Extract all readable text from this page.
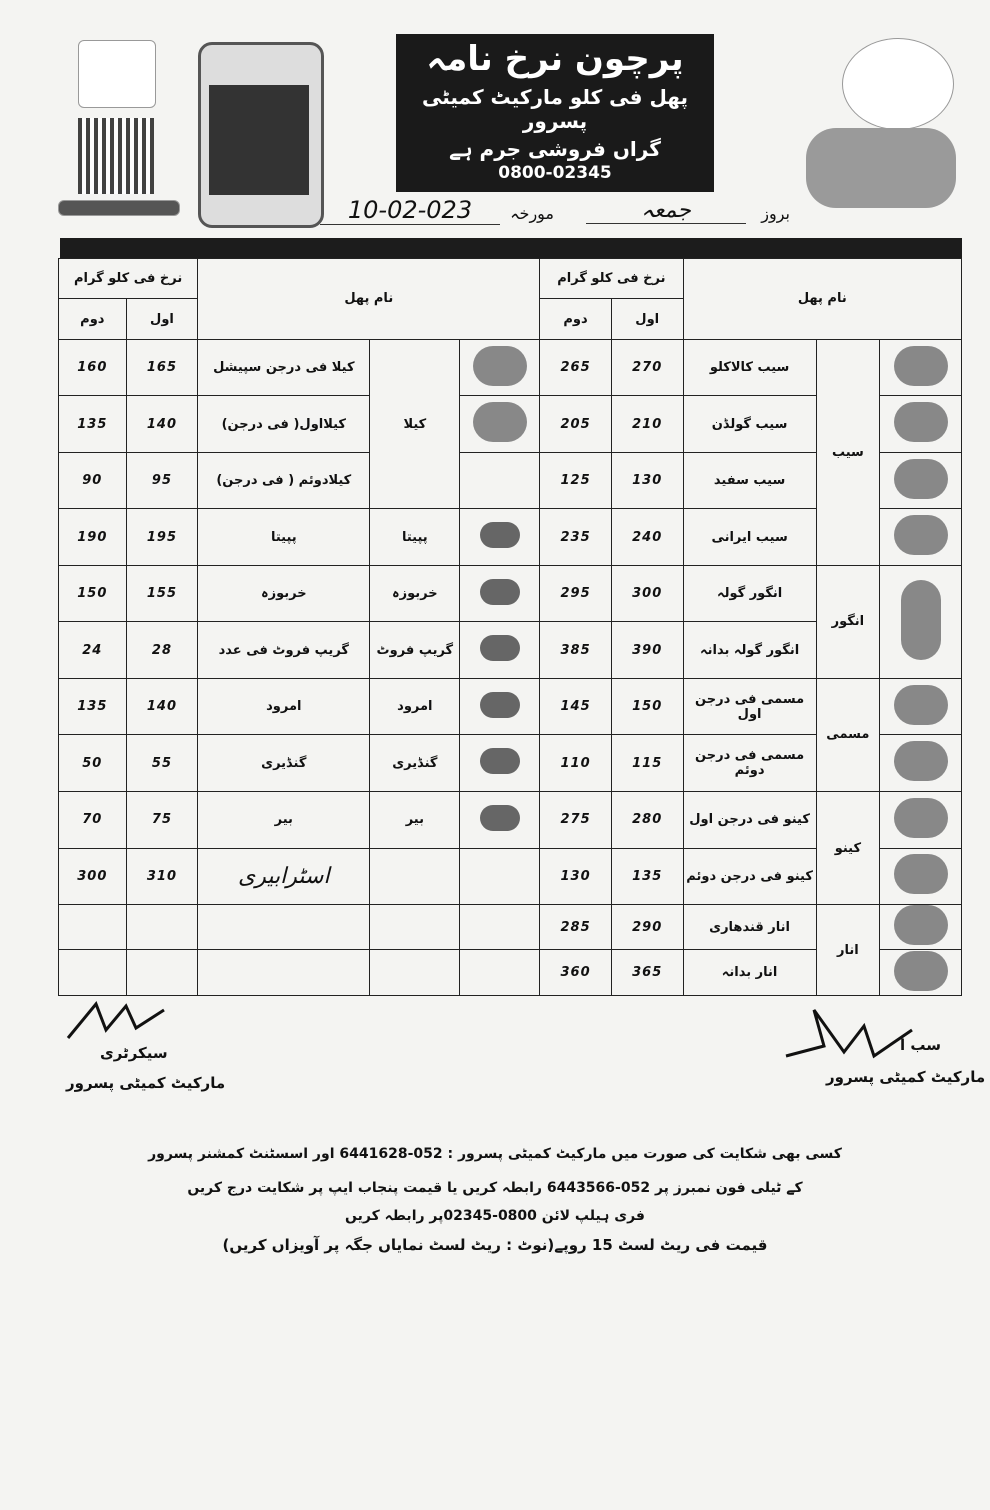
پرچون نرخ نامہ
پھل فی کلو مارکیٹ کمیٹی پسرور
گراں فروشی جرم ہے
0800-02345
بروز
جمعہ
مورخہ
10-02-023
نام پھل			نرخ فی کلو گرام		نام پھل			نرخ فی کلو گرام	
			اول	دوم				اول	دوم
	سیب	سیب کالاکلو	270	265		کیلا	کیلا فی درجن سپیشل	165	160
		سیب گولڈن	210	205			کیلااول( فی درجن)	140	135
		سیب سفید	130	125			کیلادوئم ( فی درجن)	95	90
		سیب ایرانی	240	235		پپیتا	پپیتا	195	190
	انگور	انگور گولہ	300	295		خربوزہ	خربوزہ	155	150
		انگور گولہ بدانہ	390	385		گریپ فروٹ	گریپ فروٹ فی عدد	28	24
	مسمی	مسمی فی درجن اول	150	145		امرود	امرود	140	135
		مسمی فی درجن دوئم	115	110		گنڈیری	گنڈیری	55	50
	کینو	کینو فی درجن اول	280	275		بیر	بیر	75	70
		کینو فی درجن دوئم	135	130			اسٹرابیری	310	300
	انار	انار قندھاری	290	285					
		انار بدانہ	365	360					
سیکرٹری
مارکیٹ کمیٹی پسرور
سب ا
مارکیٹ کمیٹی پسرور
کسی بھی شکایت کی صورت میں مارکیٹ کمیٹی پسرور : 052-6441628 اور اسسٹنٹ کمشنر پسرور
کے ٹیلی فون نمبرز پر 052-6443566 رابطہ کریں یا قیمت پنجاب ایپ پر شکایت درج کریں
فری ہیلپ لائن 0800-02345پر رابطہ کریں
قیمت فی ریٹ لسٹ 15 روپے(نوٹ : ریٹ لسٹ نمایاں جگہ پر آویزاں کریں)
